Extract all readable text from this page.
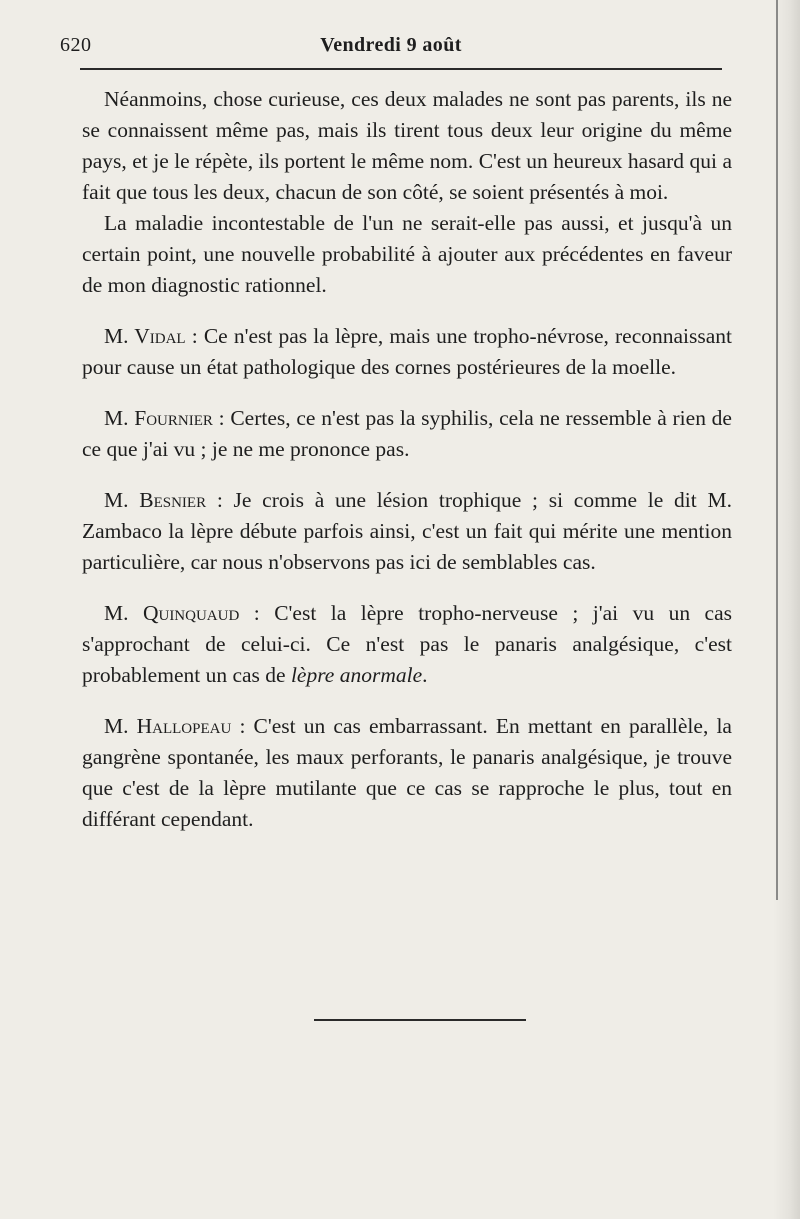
620	Vendredi 9 août

Néanmoins, chose curieuse, ces deux malades ne sont pas parents, ils ne se connaissent même pas, mais ils tirent tous deux leur origine du même pays, et je le répète, ils portent le même nom. C'est un heureux hasard qui a fait que tous les deux, chacun de son côté, se soient présentés à moi.

La maladie incontestable de l'un ne serait-elle pas aussi, et jusqu'à un certain point, une nouvelle probabilité à ajouter aux précédentes en faveur de mon diagnostic rationnel.

M. Vidal : Ce n'est pas la lèpre, mais une tropho-névrose, reconnaissant pour cause un état pathologique des cornes postérieures de la moelle.

M. Fournier : Certes, ce n'est pas la syphilis, cela ne ressemble à rien de ce que j'ai vu ; je ne me prononce pas.

M. Besnier : Je crois à une lésion trophique ; si comme le dit M. Zambaco la lèpre débute parfois ainsi, c'est un fait qui mérite une mention particulière, car nous n'observons pas ici de semblables cas.

M. Quinquaud : C'est la lèpre tropho-nerveuse ; j'ai vu un cas s'approchant de celui-ci. Ce n'est pas le panaris analgésique, c'est probablement un cas de lèpre anormale.

M. Hallopeau : C'est un cas embarrassant. En mettant en parallèle, la gangrène spontanée, les maux perforants, le panaris analgésique, je trouve que c'est de la lèpre mutilante que ce cas se rapproche le plus, tout en différant cependant.
